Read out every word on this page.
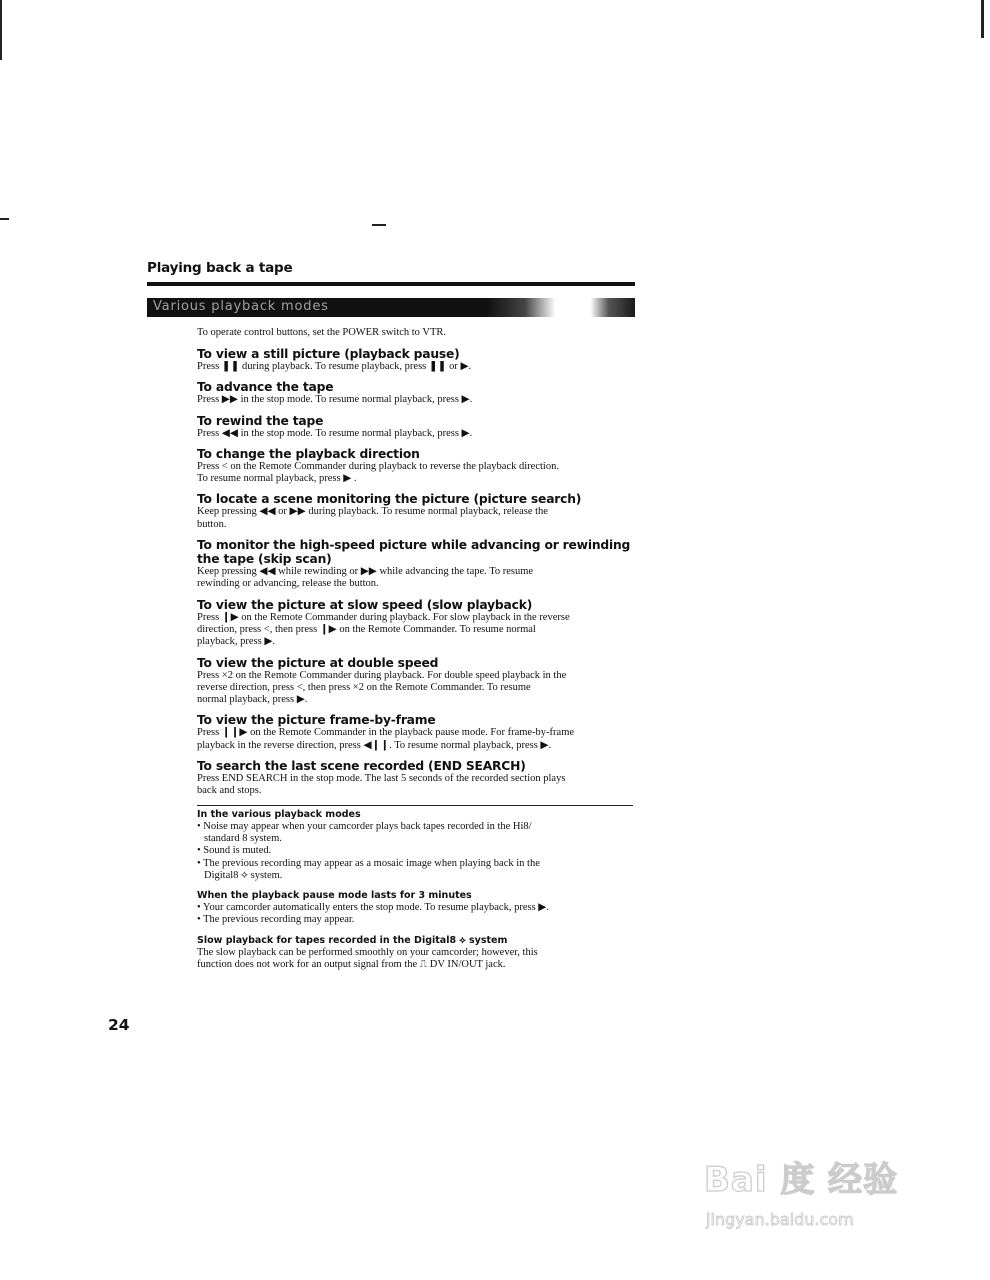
Playing back a tape
Various playback modes

To operate control buttons, set the POWER switch to VTR.

To view a still picture (playback pause)
Press ❚❚ during playback. To resume playback, press ❚❚ or ▶.
To advance the tape
Press ▶▶ in the stop mode. To resume normal playback, press ▶.
To rewind the tape
Press ◀◀ in the stop mode. To resume normal playback, press ▶.
To change the playback direction
Press < on the Remote Commander during playback to reverse the playback direction.
To resume normal playback, press ▶ .
To locate a scene monitoring the picture (picture search)
Keep pressing ◀◀ or ▶▶ during playback. To resume normal playback, release the
button.
To monitor the high-speed picture while advancing or rewinding the tape (skip scan)
Keep pressing ◀◀ while rewinding or ▶▶ while advancing the tape. To resume
rewinding or advancing, release the button.
To view the picture at slow speed (slow playback)
Press ❙▶ on the Remote Commander during playback. For slow playback in the reverse
direction, press <, then press ❙▶ on the Remote Commander. To resume normal
playback, press ▶.
To view the picture at double speed
Press ×2 on the Remote Commander during playback. For double speed playback in the
reverse direction, press <, then press ×2 on the Remote Commander. To resume
normal playback, press ▶.
To view the picture frame-by-frame
Press ❙❙▶ on the Remote Commander in the playback pause mode. For frame-by-frame
playback in the reverse direction, press ◀❙❙. To resume normal playback, press ▶.
To search the last scene recorded (END SEARCH)
Press END SEARCH in the stop mode. The last 5 seconds of the recorded section plays
back and stops.
In the various playback modes
• Noise may appear when your camcorder plays back tapes recorded in the Hi8/
standard 8 system.
• Sound is muted.
• The previous recording may appear as a mosaic image when playing back in the
Digital8 ⟡ system.
When the playback pause mode lasts for 3 minutes
• Your camcorder automatically enters the stop mode. To resume playback, press ▶.
• The previous recording may appear.
Slow playback for tapes recorded in the Digital8 ⟡ system
The slow playback can be performed smoothly on your camcorder; however, this
function does not work for an output signal from the ⎍ DV IN/OUT jack.
24
Bai 度 经验
jingyan.baidu.com
